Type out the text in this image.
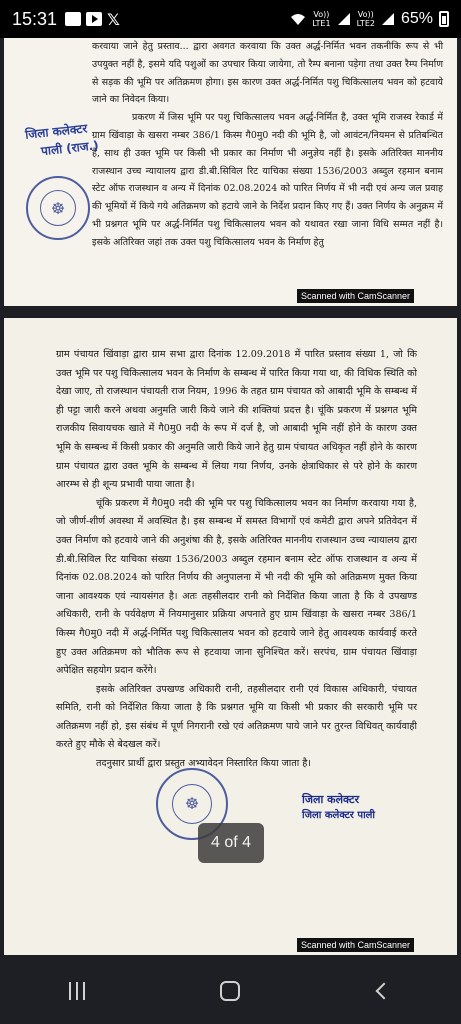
15:31	𝕏	Vo))
LTE1
Vo))
LTE2 65%

करवाया जाने हेतु प्रस्ताव... द्वारा अवगत करवाया कि उक्त अर्द्ध-निर्मित भवन तकनीकि रूप से भी उपयुक्त नहीं है, इसमे यदि पशुओं का उपचार किया जायेगा, तो रैम्प बनाना पड़ेगा तथा उक्त रैम्प निर्माण से सड़क की भूमि पर अतिक्रमण होगा। इस कारण उक्त अर्द्ध-निर्मित पशु चिकित्सालय भवन को हटवाये जाने का निवेदन किया।

प्रकरण में जिस भूमि पर पशु चिकित्सालय भवन अर्द्ध-निर्मित है, उक्त भूमि राजस्व रेकार्ड में ग्राम खिंवाड़ा के खसरा नम्बर 386/1 किस्म गै0मु0 नदी की भूमि है, जो आवंटन/नियमन से प्रतिबन्धित है, साथ ही उक्त भूमि पर किसी भी प्रकार का निर्माण भी अनुज्ञेय नहीं है। इसके अतिरिक्त माननीय राजस्थान उच्च न्यायालय द्वारा डी.बी.सिविल रिट याचिका संख्या 1536/2003 अब्दुल रहमान बनाम स्टेट ऑफ राजस्थान व अन्य में दिनांक 02.08.2024 को पारित निर्णय में भी नदी एवं अन्य जल प्रवाह की भूमियों में किये गये अतिक्रमण को हटाये जाने के निर्देश प्रदान किए गए हैं। उक्त निर्णय के अनुक्रम में भी प्रश्नगत भूमि पर अर्द्ध-निर्मित पशु चिकित्सालय भवन को यथावत रखा जाना विधि सम्मत नहीं है। इसके अतिरिक्त जहां तक उक्त पशु चिकित्सालय भवन के निर्माण हेतु

जिला कलेक्टर
पाली (राज.)
☸
Scanned with CamScanner

ग्राम पंचायत खिंवाड़ा द्वारा ग्राम सभा द्वारा दिनांक 12.09.2018 में पारित प्रस्ताव संख्या 1, जो कि उक्त भूमि पर पशु चिकित्सालय भवन के निर्माण के सम्बन्ध में पारित किया गया था, की विधिक स्थिति को देखा जाए, तो राजस्थान पंचायती राज नियम, 1996 के तहत ग्राम पंचायत को आबादी भूमि के सम्बन्ध में ही पट्टा जारी करने अथवा अनुमति जारी किये जाने की शक्तियां प्रदत्त है। चूंकि प्रकरण में प्रश्नगत भूमि राजकीय सिवायचक खाते में गै0मु0 नदी के रूप में दर्ज है, जो आबादी भूमि नहीं होने के कारण उक्त भूमि के सम्बन्ध में किसी प्रकार की अनुमति जारी किये जाने हेतु ग्राम पंचायत अधिकृत नहीं होने के कारण ग्राम पंचायत द्वारा उक्त भूमि के सम्बन्ध में लिया गया निर्णय, उनके क्षेत्राधिकार से परे होने के कारण आरम्भ से ही शून्य प्रभावी पाया जाता है।

चूंकि प्रकरण में गै0मु0 नदी की भूमि पर पशु चिकित्सालय भवन का निर्माण करवाया गया है, जो जीर्ण-शीर्ण अवस्था में अवस्थित है। इस सम्बन्ध में समस्त विभागों एवं कमेटी द्वारा अपने प्रतिवेदन में उक्त निर्माण को हटवाये जाने की अनुशंषा की है, इसके अतिरिक्त माननीय राजस्थान उच्च न्यायालय द्वारा डी.बी.सिविल रिट याचिका संख्या 1536/2003 अब्दुल रहमान बनाम स्टेट ऑफ राजस्थान व अन्य में दिनांक 02.08.2024 को पारित निर्णय की अनुपालना में भी नदी की भूमि को अतिक्रमण मुक्त किया जाना आवश्यक एवं न्यायसंगत है। अतः तहसीलदार रानी को निर्देशित किया जाता है कि वे उपखण्ड अधिकारी, रानी के पर्यवेक्षण में नियमानुसार प्रक्रिया अपनाते हुए ग्राम खिंवाड़ा के खसरा नम्बर 386/1 किस्म गै0मु0 नदी में अर्द्ध-निर्मित पशु चिकित्सालय भवन को हटवाये जाने हेतु आवश्यक कार्यवाई करते हुए उक्त अतिक्रमण को भौतिक रूप से हटवाया जाना सुनिश्चित करें। सरपंच, ग्राम पंचायत खिंवाड़ा अपेक्षित सहयोग प्रदान करेंगे।

इसके अतिरिक्त उपखण्ड अधिकारी रानी, तहसीलदार रानी एवं विकास अधिकारी, पंचायत समिति, रानी को निर्देशित किया जाता है कि प्रश्नगत भूमि या किसी भी प्रकार की सरकारी भूमि पर अतिक्रमण नहीं हो, इस संबंध में पूर्ण निगरानी रखे एवं अतिक्रमण पाये जाने पर तुरन्त विधिवत् कार्यवाही करते हुए मौके से बेदखल करें।

तदनुसार प्रार्थी द्वारा प्रस्तुत अभ्यावेदन निस्तारित किया जाता है।

☸	जिला कलेक्टर
जिला कलेक्टर पाली
Scanned with CamScanner
4 of 4
